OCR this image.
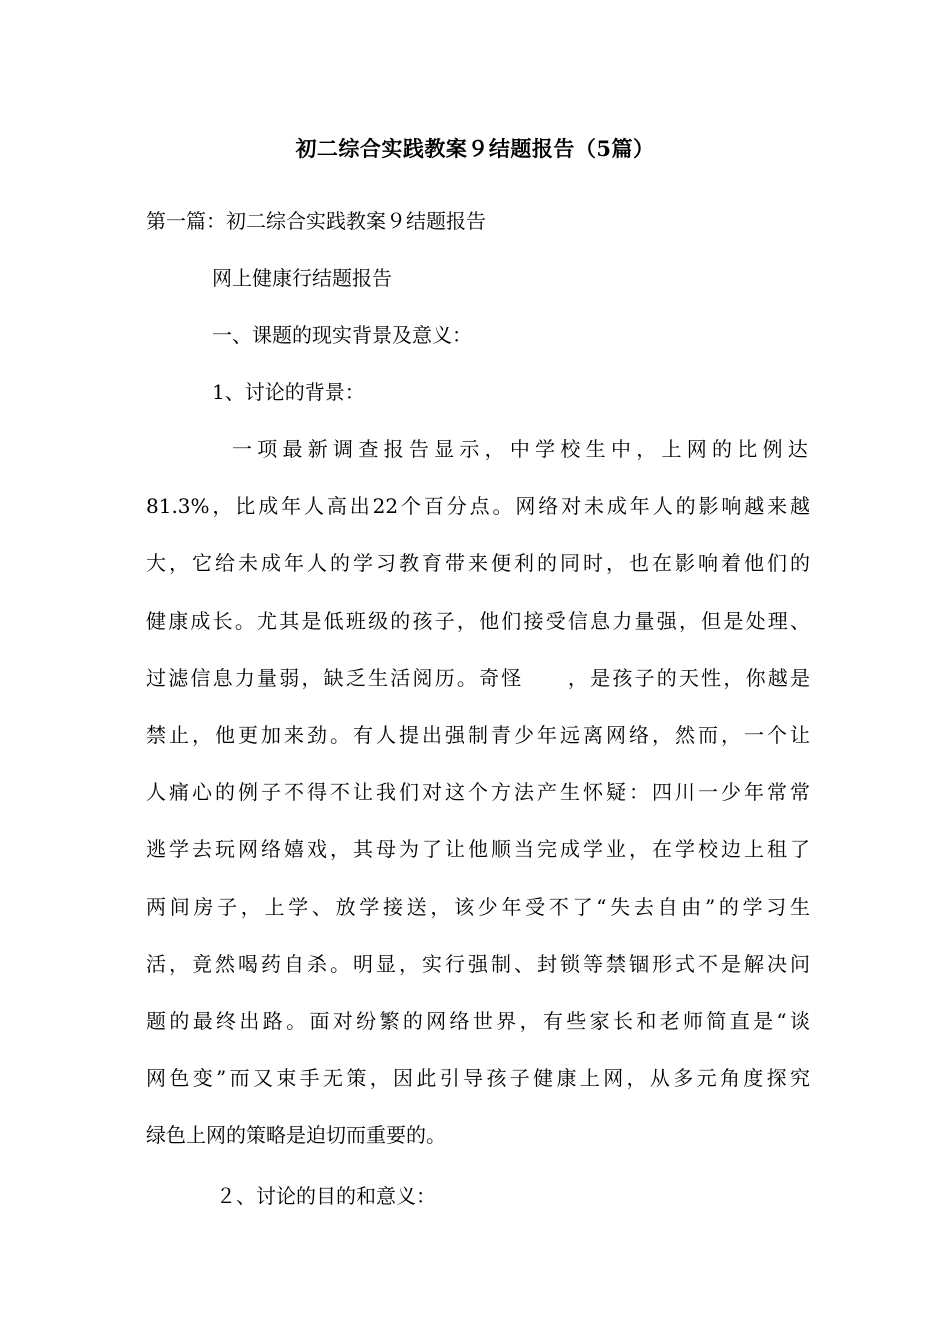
初二综合实践教案９结题报告（5篇）
第一篇：初二综合实践教案９结题报告
网上健康行结题报告
一、课题的现实背景及意义：
1、讨论的背景：
一项最新调查报告显示，中学校生中，上网的比例达
81.3%，比成年人高出22个百分点。网络对未成年人的影响越来越
大，它给未成年人的学习教育带来便利的同时，也在影响着他们的
健康成长。尤其是低班级的孩子，他们接受信息力量强，但是处理、
过滤信息力量弱，缺乏生活阅历。奇怪　　，是孩子的天性，你越是
禁止，他更加来劲。有人提出强制青少年远离网络，然而，一个让
人痛心的例子不得不让我们对这个方法产生怀疑：四川一少年常常
逃学去玩网络嬉戏，其母为了让他顺当完成学业，在学校边上租了
两间房子，上学、放学接送，该少年受不了“失去自由”的学习生
活，竟然喝药自杀。明显，实行强制、封锁等禁锢形式不是解决问
题的最终出路。面对纷繁的网络世界，有些家长和老师简直是“谈
网色变”而又束手无策，因此引导孩子健康上网，从多元角度探究
绿色上网的策略是迫切而重要的。
２、讨论的目的和意义：
